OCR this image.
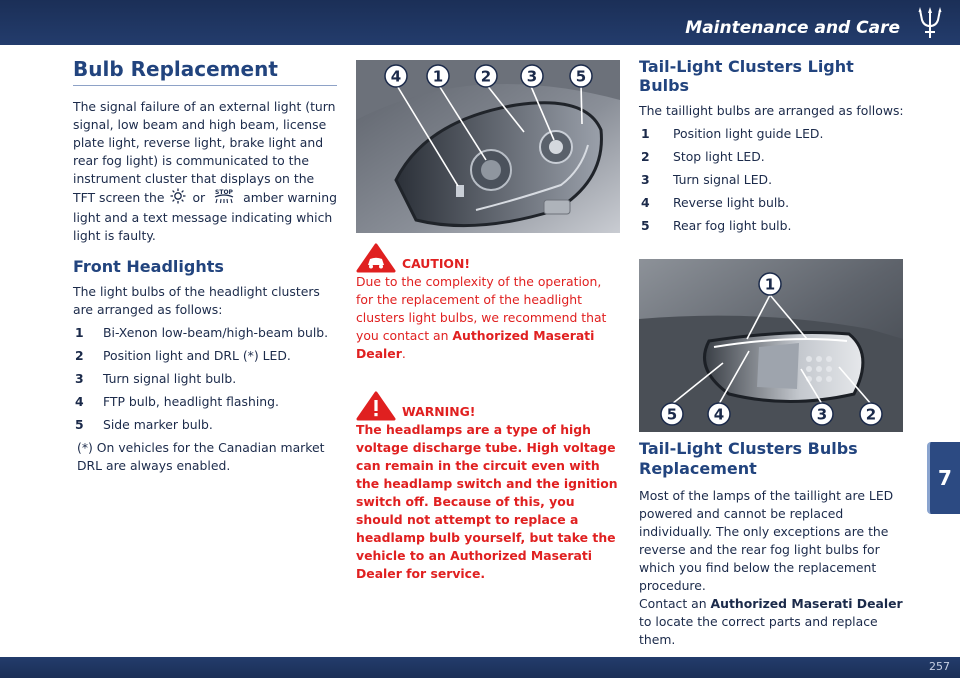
Maintenance and Care
Bulb Replacement

The signal failure of an external light (turn signal, low beam and high beam, license plate light, reverse light, brake light and rear fog light) is communicated to the instrument cluster that displays on the TFT screen the or STOP amber warning light and a text message indicating which light is faulty.

Front Headlights

The light bulbs of the headlight clusters are arranged as follows:

1	Bi-Xenon low-beam/high-beam bulb.
2	Position light and DRL (*) LED.
3	Turn signal light bulb.
4	FTP bulb, headlight flashing.
5	Side marker bulb.

(*) On vehicles for the Canadian market DRL are always enabled.

4 1	2 3	5
CAUTION!

Due to the complexity of the operation, for the replacement of the headlight clusters light bulbs, we recommend that you contact an Authorized Maserati Dealer.

WARNING!

The headlamps are a type of high voltage discharge tube. High voltage can remain in the circuit even with the headlamp switch and the ignition switch off. Because of this, you should not attempt to replace a headlamp bulb yourself, but take the vehicle to an Authorized Maserati Dealer for service.

Tail-Light Clusters Light Bulbs

The taillight bulbs are arranged as follows:

1	Position light guide LED.
2	Stop light LED.
3	Turn signal LED.
4	Reverse light bulb.
5	Rear fog light bulb.
1
5 4	3	2
Tail-Light Clusters Bulbs Replacement

Most of the lamps of the taillight are LED powered and cannot be replaced individually. The only exceptions are the reverse and the rear fog light bulbs for which you find below the replacement procedure.

Contact an Authorized Maserati Dealer to locate the correct parts and replace them.

7
257
